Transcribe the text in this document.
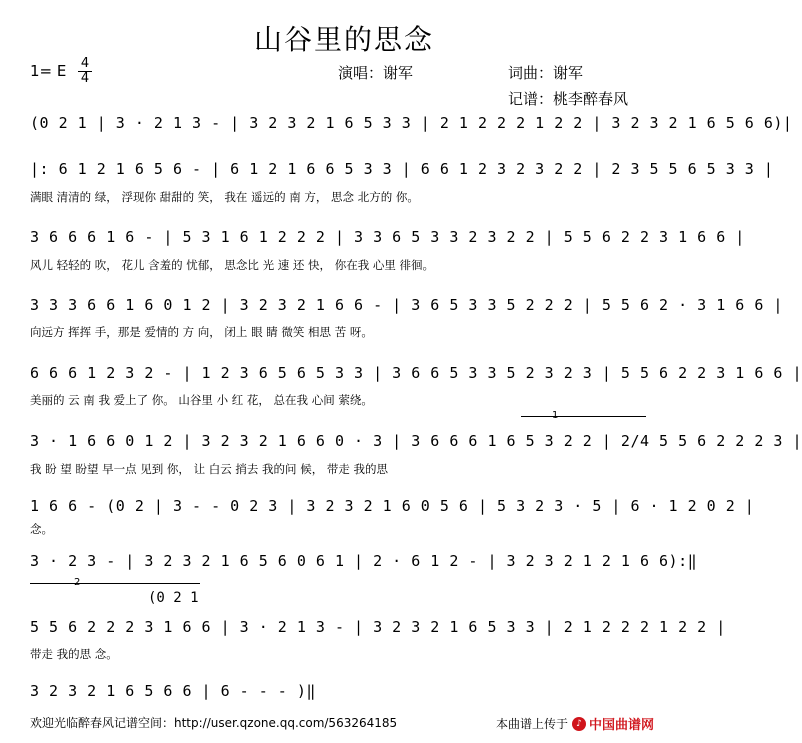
山谷里的思念
1= E 4
4	演唱：谢军	词曲：谢军
记谱：桃李醉春风
(0 2 1 | 3 · 2 1 3 - | 3 2 3 2 1 6 5 3 3 | 2 1 2 2 2 1 2 2 | 3 2 3 2 1 6 5 6 6)|
|: 6 1 2 1 6 5 6 - | 6 1 2 1 6 6 5 3 3 | 6 6 1 2 3 2 3 2 2 | 2 3 5 5 6 5 3 3 |
满眼 清清的 绿， 浮现你 甜甜的 笑， 我在 遥远的 南 方， 思念 北方的 你。
3 6 6 6 1 6 - | 5 3 1 6 1 2 2 2 | 3 3 6 5 3 3 2 3 2 2 | 5 5 6 2 2 3 1 6 6 |
风儿 轻轻的 吹， 花儿 含羞的 忧郁， 思念比 光 速 还 快， 你在我 心里 徘徊。
3 3 3 6 6 1 6 0 1 2 | 3 2 3 2 1 6 6 - | 3 6 5 3 3 5 2 2 2 | 5 5 6 2 · 3 1 6 6 |
向远方 挥挥 手，那是 爱情的 方 向， 闭上 眼 睛 微笑 相思 苦 呀。
6 6 6 1 2 3 2 - | 1 2 3 6 5 6 5 3 3 | 3 6 6 5 3 3 5 2 3 2 3 | 5 5 6 2 2 3 1 6 6 |
美丽的 云 南 我 爱上了 你。 山谷里 小 红 花， 总在我 心间 萦绕。
1
3 · 1 6 6 0 1 2 | 3 2 3 2 1 6 6 0 · 3 | 3 6 6 6 1 6 5 3 2 2 | 2/4 5 5 6 2 2 2 3 |
我 盼 望 盼望 早一点 见到 你， 让 白云 捎去 我的问 候， 带走 我的思
1 6 6 - (0 2 | 3 - - 0 2 3 | 3 2 3 2 1 6 0 5 6 | 5 3 2 3 · 5 | 6 · 1 2 0 2 |
念。
3 · 2 3 - | 3 2 3 2 1 6 5 6 0 6 1 | 2 · 6 1 2 - | 3 2 3 2 1 2 1 6 6):‖
2
(0 2 1
5 5 6 2 2 2 3 1 6 6 | 3 · 2 1 3 - | 3 2 3 2 1 6 5 3 3 | 2 1 2 2 2 1 2 2 |
带走 我的思 念。
3 2 3 2 1 6 5 6 6 | 6 - - - )‖
欢迎光临醉春风记谱空间：http://user.qzone.qq.com/563264185	本曲谱上传于 ♪ 中国曲谱网
